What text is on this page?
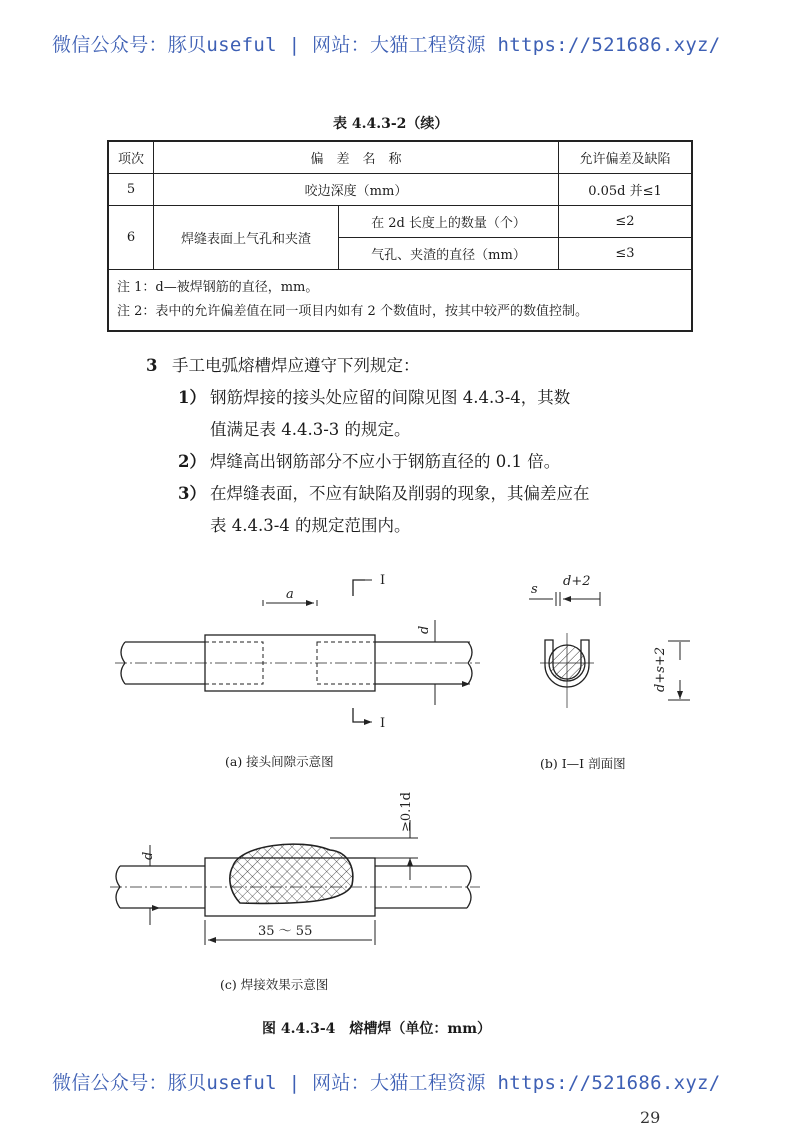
微信公众号：豚贝useful | 网站：大猫工程资源 https://521686.xyz/
表 4.4.3-2（续）
项次	偏　差　名　称		允许偏差及缺陷
5	咬边深度（mm）		0.05d 并≤1
6	焊缝表面上气孔和夹渣	在 2d 长度上的数量（个）	≤2
		气孔、夹渣的直径（mm）	≤3

注 1：d—被焊钢筋的直径，mm。
注 2：表中的允许偏差值在同一项目内如有 2 个数值时，按其中较严的数值控制。			
3 手工电弧熔槽焊应遵守下列规定：
1） 钢筋焊接的接头处应留的间隙见图 4.4.3-4，其数
值满足表 4.4.3-3 的规定。
2） 焊缝高出钢筋部分不应小于钢筋直径的 0.1 倍。
3） 在焊缝表面，不应有缺陷及削弱的现象，其偏差应在
表 4.4.3-4 的规定范围内。
a
I
I
d
s
d+2
d+s+2
≥0.1d
d
35 ～ 55
(a) 接头间隙示意图	(b) Ⅰ—Ⅰ 剖面图
(c) 焊接效果示意图
图 4.4.3-4　熔槽焊（单位：mm）
微信公众号：豚贝useful | 网站：大猫工程资源 https://521686.xyz/
29
